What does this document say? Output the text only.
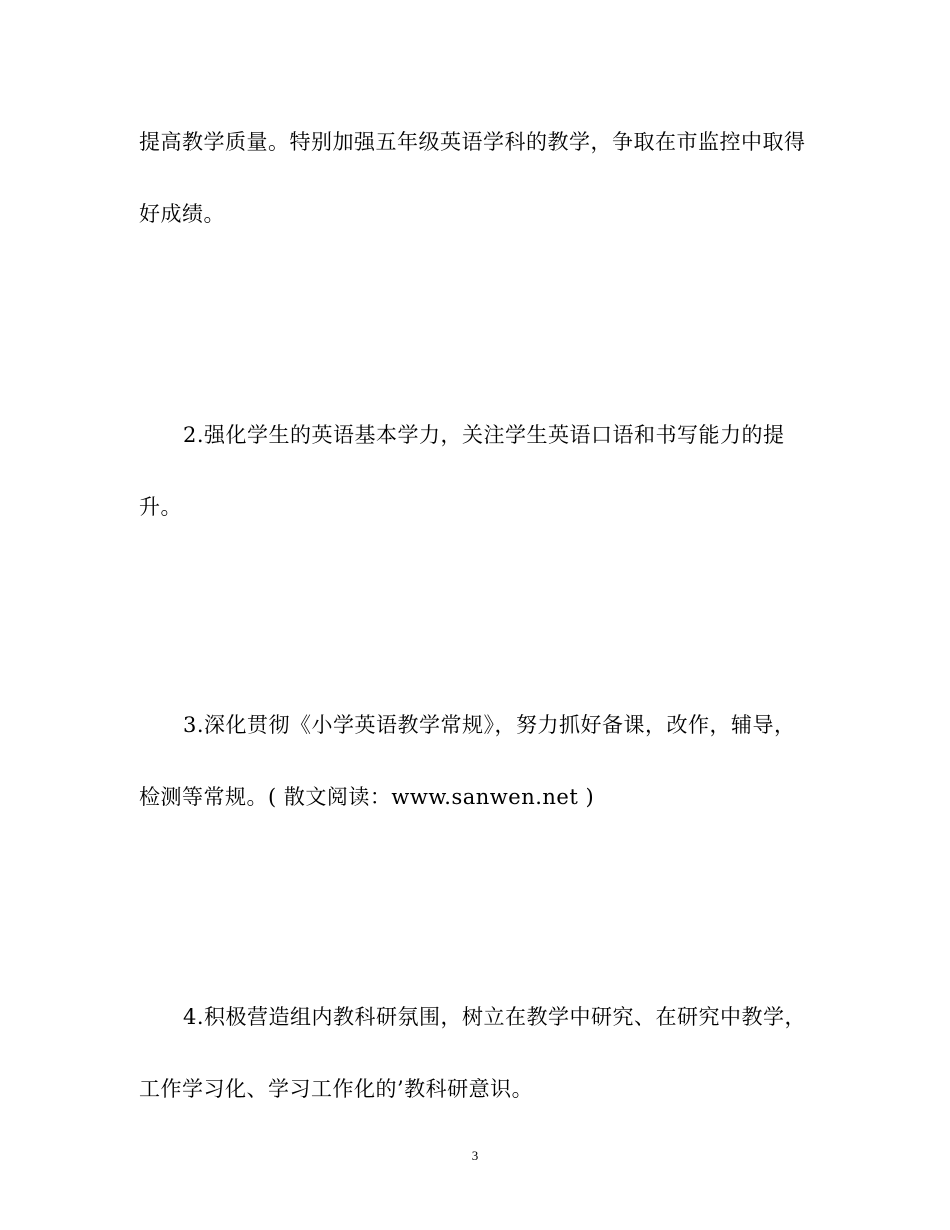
提高教学质量。特别加强五年级英语学科的教学，争取在市监控中取得
好成绩。
2.强化学生的英语基本学力，关注学生英语口语和书写能力的提
升。
3.深化贯彻《小学英语教学常规》，努力抓好备课，改作，辅导，
检测等常规。( 散文阅读：www.sanwen.net )
4.积极营造组内教科研氛围，树立在教学中研究、在研究中教学，
工作学习化、学习工作化的’教科研意识。
3
